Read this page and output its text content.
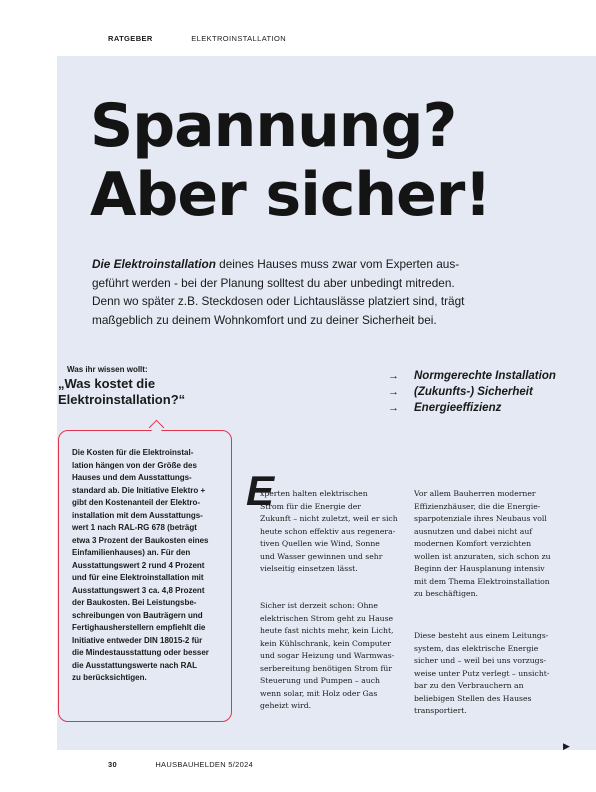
RATGEBER	ELEKTROINSTALLATION
Spannung?
Aber sicher!

Die Elektroinstallation deines Hauses muss zwar vom Experten aus-
geführt werden - bei der Planung solltest du aber unbedingt mitreden.
Denn wo später z.B. Steckdosen oder Lichtauslässe platziert sind, trägt
maßgeblich zu deinem Wohnkomfort und zu deiner Sicherheit bei.

Was ihr wissen wollt:
„Was kostet die
Elektroinstallation?“
→	Normgerechte Installation
→	(Zukunfts-) Sicherheit
→	Energieeffizienz

Die Kosten für die Elektroinstal-
lation hängen von der Größe des
Hauses und dem Ausstattungs-
standard ab. Die Initiative Elektro +
gibt den Kostenanteil der Elektro-
installation mit dem Ausstattungs-
wert 1 nach RAL-RG 678 (beträgt
etwa 3 Prozent der Baukosten eines
Einfamilienhauses) an. Für den
Ausstattungswert 2 rund 4 Prozent
und für eine Elektroinstallation mit
Ausstattungswert 3 ca. 4,8 Prozent
der Baukosten. Bei Leistungsbe-
schreibungen von Bauträgern und
Fertighausherstellern empfiehlt die
Initiative entweder DIN 18015-2 für
die Mindestausstattung oder besser
die Ausstattungswerte nach RAL
zu berücksichtigen.

E

xperten halten elektrischen
Strom für die Energie der
Zukunft – nicht zuletzt, weil er sich
heute schon effektiv aus regenera-
tiven Quellen wie Wind, Sonne
und Wasser gewinnen und sehr
vielseitig einsetzen lässt.

Sicher ist derzeit schon: Ohne
elektrischen Strom geht zu Hause
heute fast nichts mehr, kein Licht,
kein Kühlschrank, kein Computer
und sogar Heizung und Warmwas-
serbereitung benötigen Strom für
Steuerung und Pumpen – auch
wenn solar, mit Holz oder Gas
geheizt wird.

Vor allem Bauherren moderner
Effizienzhäuser, die die Energie-
sparpotenziale ihres Neubaus voll
ausnutzen und dabei nicht auf
modernen Komfort verzichten
wollen ist anzuraten, sich schon zu
Beginn der Hausplanung intensiv
mit dem Thema Elektroinstallation
zu beschäftigen.

Diese besteht aus einem Leitungs-
system, das elektrische Energie
sicher und – weil bei uns vorzugs-
weise unter Putz verlegt – unsicht-
bar zu den Verbrauchern an
beliebigen Stellen des Hauses
transportiert.

▶
30	HAUSBAUHELDEN 5/2024
